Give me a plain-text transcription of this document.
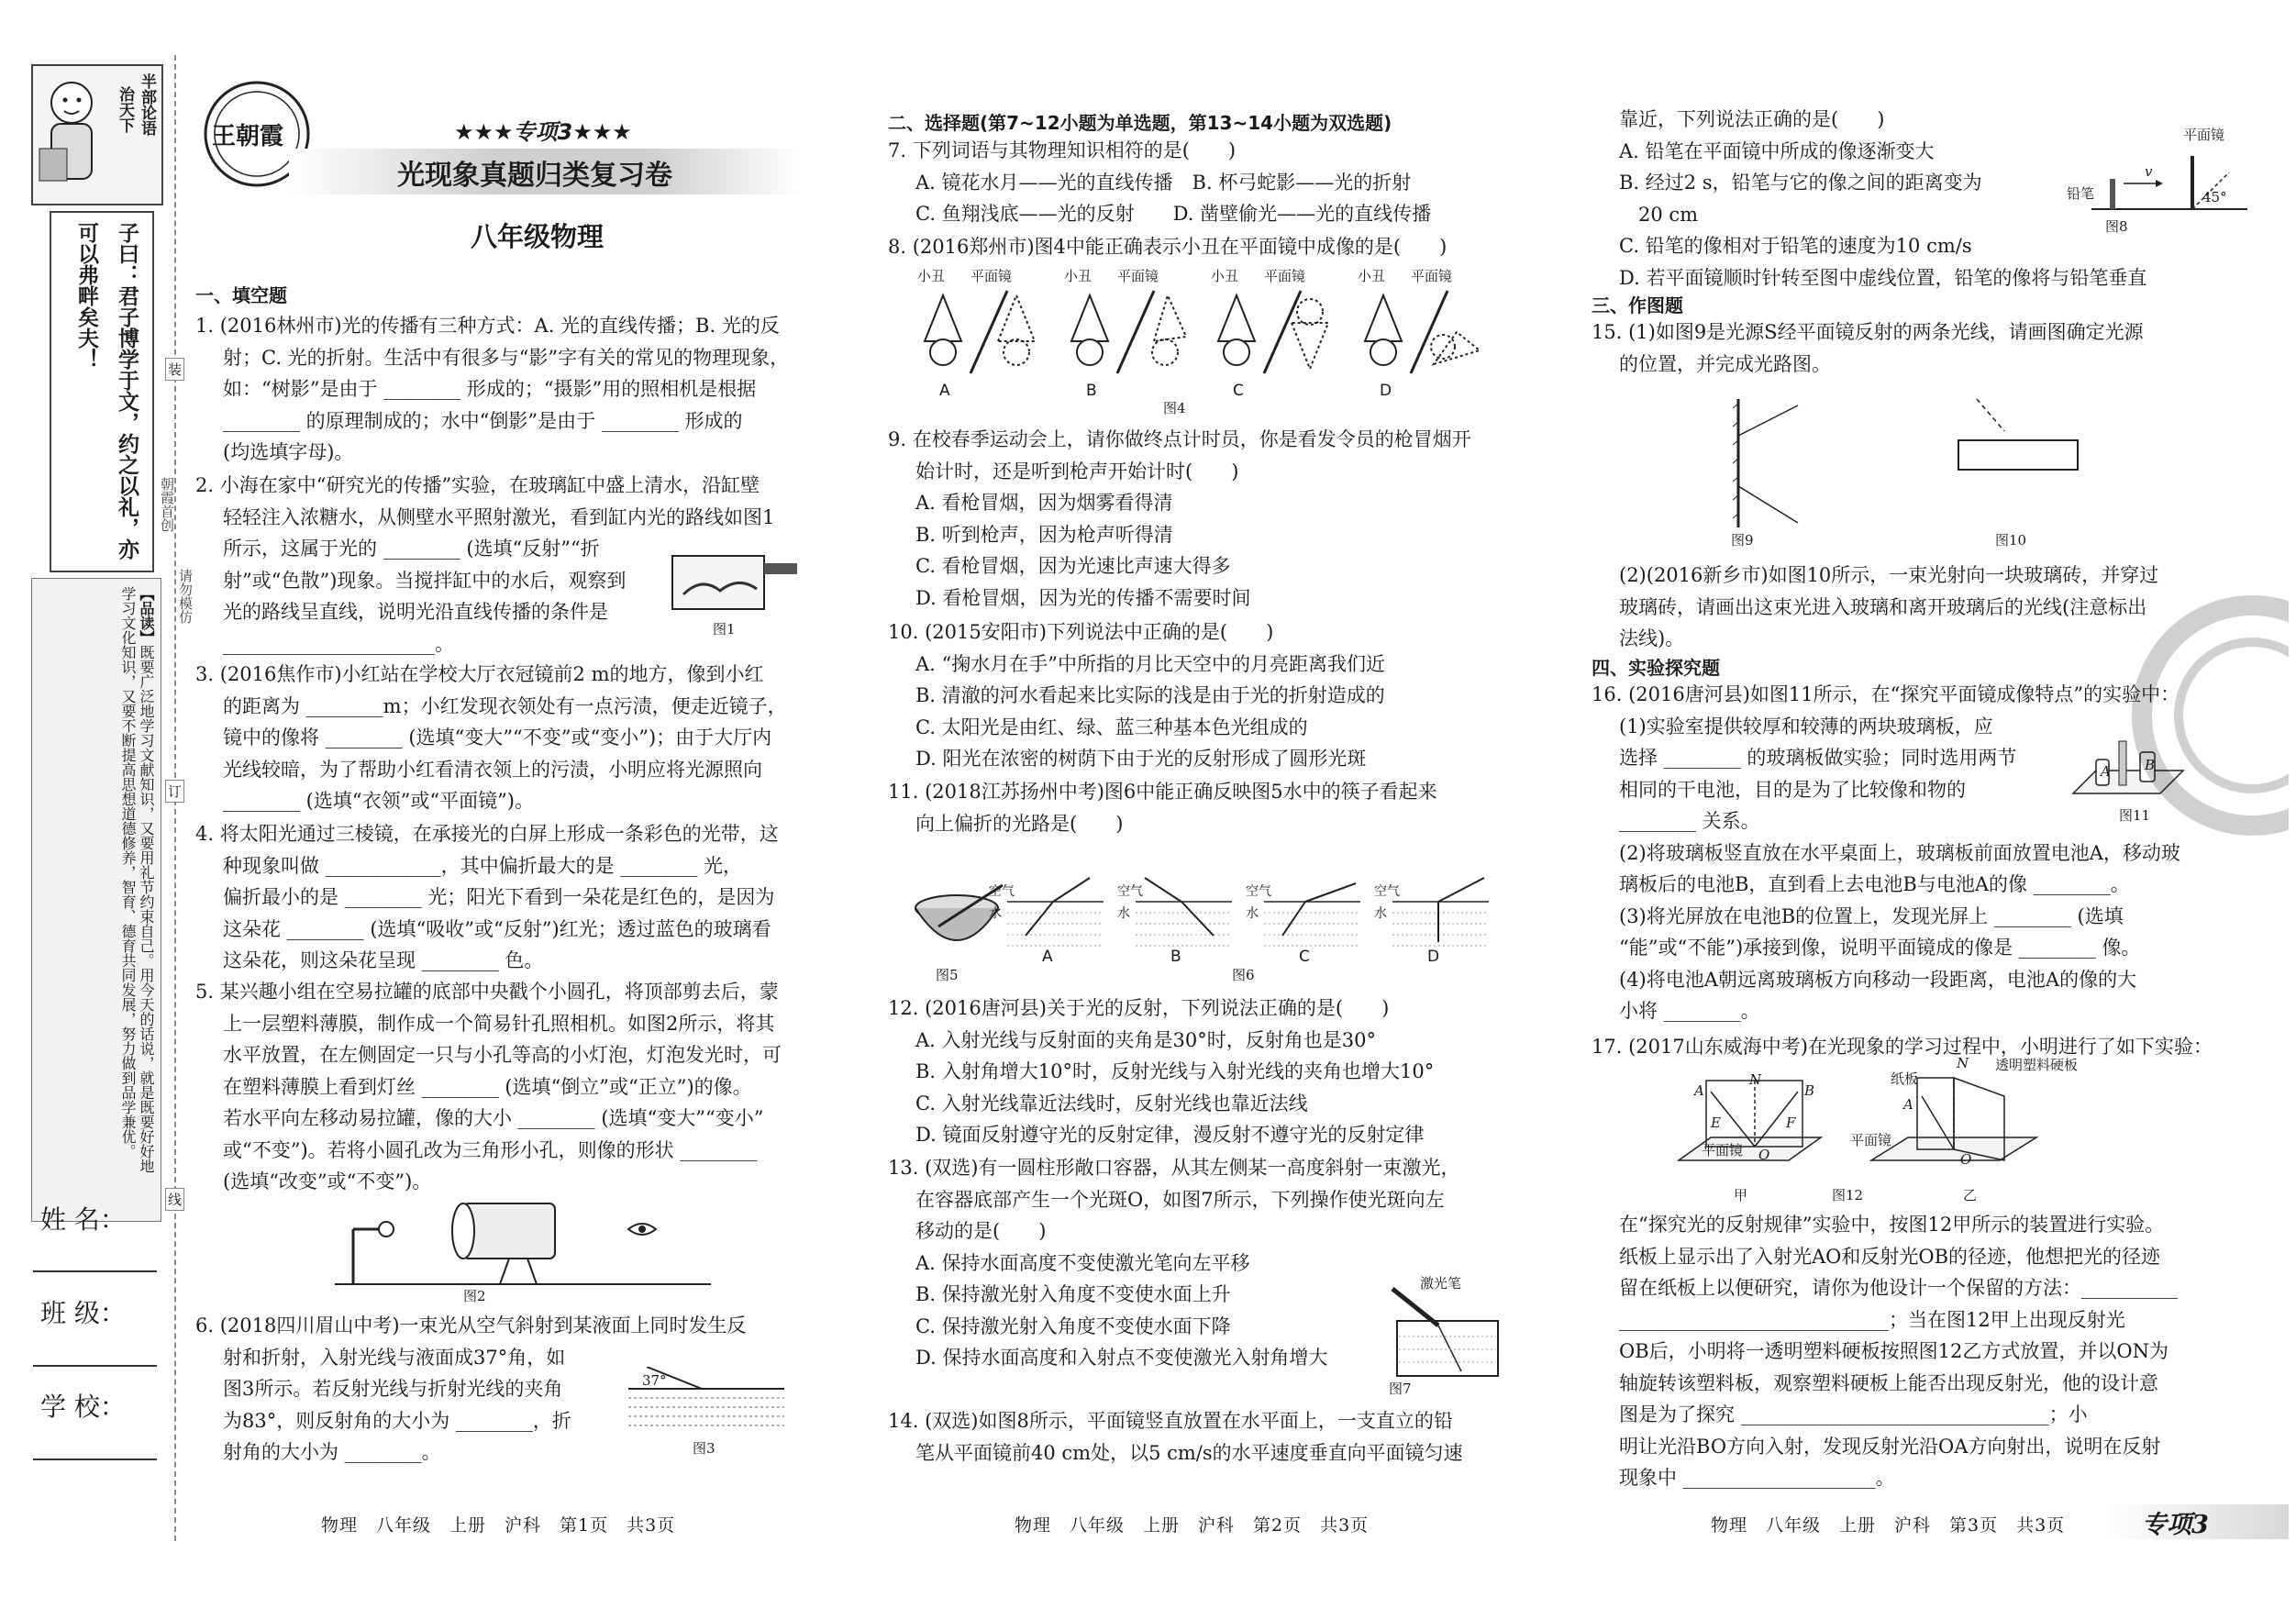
半部论语
治天下
子曰：君子博学于文，约之以礼，亦可以弗畔矣夫！
【品读】既要广泛地学习文献知识，又要用礼节约束自己。用今天的话说，就是既要好好地学习文化知识，又要不断提高思想道德修养，智育、德育共同发展，努力做到品学兼优。
朝霞首创
请勿模仿
装
订
线
姓 名：
班 级：
学 校：
王朝霞	★★★专项3★★★
光现象真题归类复习卷
八年级物理
一、填空题

1. (2016林州市)光的传播有三种方式：A. 光的直线传播；B. 光的反

射；C. 光的折射。生活中有很多与“影”字有关的常见的物理现象，

如：“树影”是由于 ________ 形成的；“摄影”用的照相机是根据

________ 的原理制成的；水中“倒影”是由于 ________ 形成的

(均选填字母)。

2. 小海在家中“研究光的传播”实验，在玻璃缸中盛上清水，沿缸壁

轻轻注入浓糖水，从侧壁水平照射激光，看到缸内光的路线如图1

所示，这属于光的 ________ (选填“反射”“折

射”或“色散”)现象。当搅拌缸中的水后，观察到

光的路线呈直线，说明光沿直线传播的条件是

______________________。

图1

3. (2016焦作市)小红站在学校大厅衣冠镜前2 m的地方，像到小红

的距离为 ________m；小红发现衣领处有一点污渍，便走近镜子，

镜中的像将 ________ (选填“变大”“不变”或“变小”)；由于大厅内

光线较暗，为了帮助小红看清衣领上的污渍，小明应将光源照向

________ (选填“衣领”或“平面镜”)。

4. 将太阳光通过三棱镜，在承接光的白屏上形成一条彩色的光带，这

种现象叫做 ____________，其中偏折最大的是 ________ 光，

偏折最小的是 ________ 光；阳光下看到一朵花是红色的，是因为

这朵花 ________ (选填“吸收”或“反射”)红光；透过蓝色的玻璃看

这朵花，则这朵花呈现 ________ 色。

5. 某兴趣小组在空易拉罐的底部中央戳个小圆孔，将顶部剪去后，蒙

上一层塑料薄膜，制作成一个简易针孔照相机。如图2所示，将其

水平放置，在左侧固定一只与小孔等高的小灯泡，灯泡发光时，可

在塑料薄膜上看到灯丝 ________ (选填“倒立”或“正立”)的像。

若水平向左移动易拉罐，像的大小 ________ (选填“变大”“变小”

或“不变”)。若将小圆孔改为三角形小孔，则像的形状 ________

(选填“改变”或“不变”)。

图2

6. (2018四川眉山中考)一束光从空气斜射到某液面上同时发生反

射和折射，入射光线与液面成37°角，如

图3所示。若反射光线与折射光线的夹角

为83°，则反射角的大小为 ________，折

射角的大小为 ________。

37°
图3
物理　八年级　上册　沪科　第1页　共3页
二、选择题(第7~12小题为单选题，第13~14小题为双选题)

7. 下列词语与其物理知识相符的是(　　)

A. 镜花水月——光的直线传播　B. 杯弓蛇影——光的折射

C. 鱼翔浅底——光的反射　　D. 凿壁偷光——光的直线传播

8. (2016郑州市)图4中能正确表示小丑在平面镜中成像的是(　　)

小丑 平面镜
A
小丑 平面镜
B
小丑 平面镜
C
小丑 平面镜
D
图4

9. 在校春季运动会上，请你做终点计时员，你是看发令员的枪冒烟开

始计时，还是听到枪声开始计时(　　)

A. 看枪冒烟，因为烟雾看得清

B. 听到枪声，因为枪声听得清

C. 看枪冒烟，因为光速比声速大得多

D. 看枪冒烟，因为光的传播不需要时间

10. (2015安阳市)下列说法中正确的是(　　)

A. “掬水月在手”中所指的月比天空中的月亮距离我们近

B. 清澈的河水看起来比实际的浅是由于光的折射造成的

C. 太阳光是由红、绿、蓝三种基本色光组成的

D. 阳光在浓密的树荫下由于光的反射形成了圆形光斑

11. (2018江苏扬州中考)图6中能正确反映图5水中的筷子看起来

向上偏折的光路是(　　)

图5
空气
水
A
空气
水
B
空气
水
C
空气
水
D
图6

12. (2016唐河县)关于光的反射，下列说法正确的是(　　)

A. 入射光线与反射面的夹角是30°时，反射角也是30°

B. 入射角增大10°时，反射光线与入射光线的夹角也增大10°

C. 入射光线靠近法线时，反射光线也靠近法线

D. 镜面反射遵守光的反射定律，漫反射不遵守光的反射定律

13. (双选)有一圆柱形敞口容器，从其左侧某一高度斜射一束激光，

在容器底部产生一个光斑O，如图7所示，下列操作使光斑向左

移动的是(　　)

A. 保持水面高度不变使激光笔向左平移

B. 保持激光射入角度不变使水面上升

C. 保持激光射入角度不变使水面下降

D. 保持水面高度和入射点不变使激光入射角增大

激光笔
图7

14. (双选)如图8所示，平面镜竖直放置在水平面上，一支直立的铅

笔从平面镜前40 cm处，以5 cm/s的水平速度垂直向平面镜匀速

物理　八年级　上册　沪科　第2页　共3页

靠近，下列说法正确的是(　　)

A. 铅笔在平面镜中所成的像逐渐变大

B. 经过2 s，铅笔与它的像之间的距离变为

　20 cm

C. 铅笔的像相对于铅笔的速度为10 cm/s

D. 若平面镜顺时针转至图中虚线位置，铅笔的像将与铅笔垂直

平面镜
铅笔
v
45°
图8
三、作图题

15. (1)如图9是光源S经平面镜反射的两条光线，请画图确定光源

的位置，并完成光路图。

图9	图10

(2)(2016新乡市)如图10所示，一束光射向一块玻璃砖，并穿过

玻璃砖，请画出这束光进入玻璃和离开玻璃后的光线(注意标出

法线)。

四、实验探究题

16. (2016唐河县)如图11所示，在“探究平面镜成像特点”的实验中：

(1)实验室提供较厚和较薄的两块玻璃板，应

选择 ________ 的玻璃板做实验；同时选用两节

相同的干电池，目的是为了比较像和物的

________ 关系。

(2)将玻璃板竖直放在水平桌面上，玻璃板前面放置电池A，移动玻

璃板后的电池B，直到看上去电池B与电池A的像 ________。

(3)将光屏放在电池B的位置上，发现光屏上 ________ (选填

“能”或“不能”)承接到像，说明平面镜成的像是 ________ 像。

(4)将电池A朝远离玻璃板方向移动一段距离，电池A的像的大

小将 ________。

A B
图11

17. (2017山东威海中考)在光现象的学习过程中，小明进行了如下实验：

A
N
B
E	F
O
平面镜
甲
纸板
透明塑料硬板
N
A
O
平面镜
乙
图12

在“探究光的反射规律”实验中，按图12甲所示的装置进行实验。

纸板上显示出了入射光AO和反射光OB的径迹，他想把光的径迹

留在纸板上以便研究，请你为他设计一个保留的方法：__________

____________________________；当在图12甲上出现反射光

OB后，小明将一透明塑料硬板按照图12乙方式放置，并以ON为

轴旋转该塑料板，观察塑料硬板上能否出现反射光，他的设计意

图是为了探究 ________________________________；小

明让光沿BO方向入射，发现反射光沿OA方向射出，说明在反射

现象中 ____________________。

物理　八年级　上册　沪科　第3页　共3页	专项3
